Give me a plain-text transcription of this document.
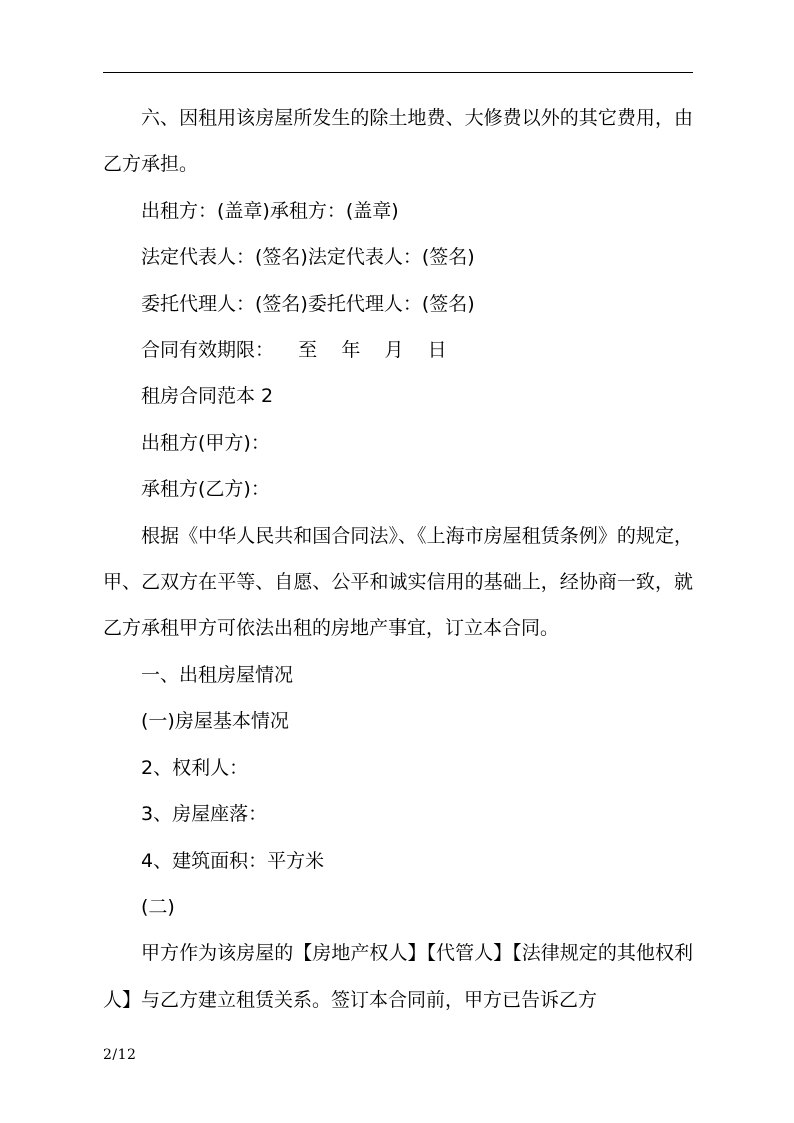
六、因租用该房屋所发生的除土地费、大修费以外的其它费用，由乙方承担。

出租方：(盖章)承租方：(盖章)

法定代表人：(签名)法定代表人：(签名)

委托代理人：(签名)委托代理人：(签名)

合同有效期限：    至    年    月    日

租房合同范本 2

出租方(甲方)：

承租方(乙方)：

根据《中华人民共和国合同法》、《上海市房屋租赁条例》的规定，甲、乙双方在平等、自愿、公平和诚实信用的基础上，经协商一致，就乙方承租甲方可依法出租的房地产事宜，订立本合同。

一、出租房屋情况

(一)房屋基本情况

2、权利人：

3、房屋座落：

4、建筑面积：平方米

(二)

甲方作为该房屋的【房地产权人】【代管人】【法律规定的其他权利人】与乙方建立租赁关系。签订本合同前，甲方已告诉乙方

2/12
